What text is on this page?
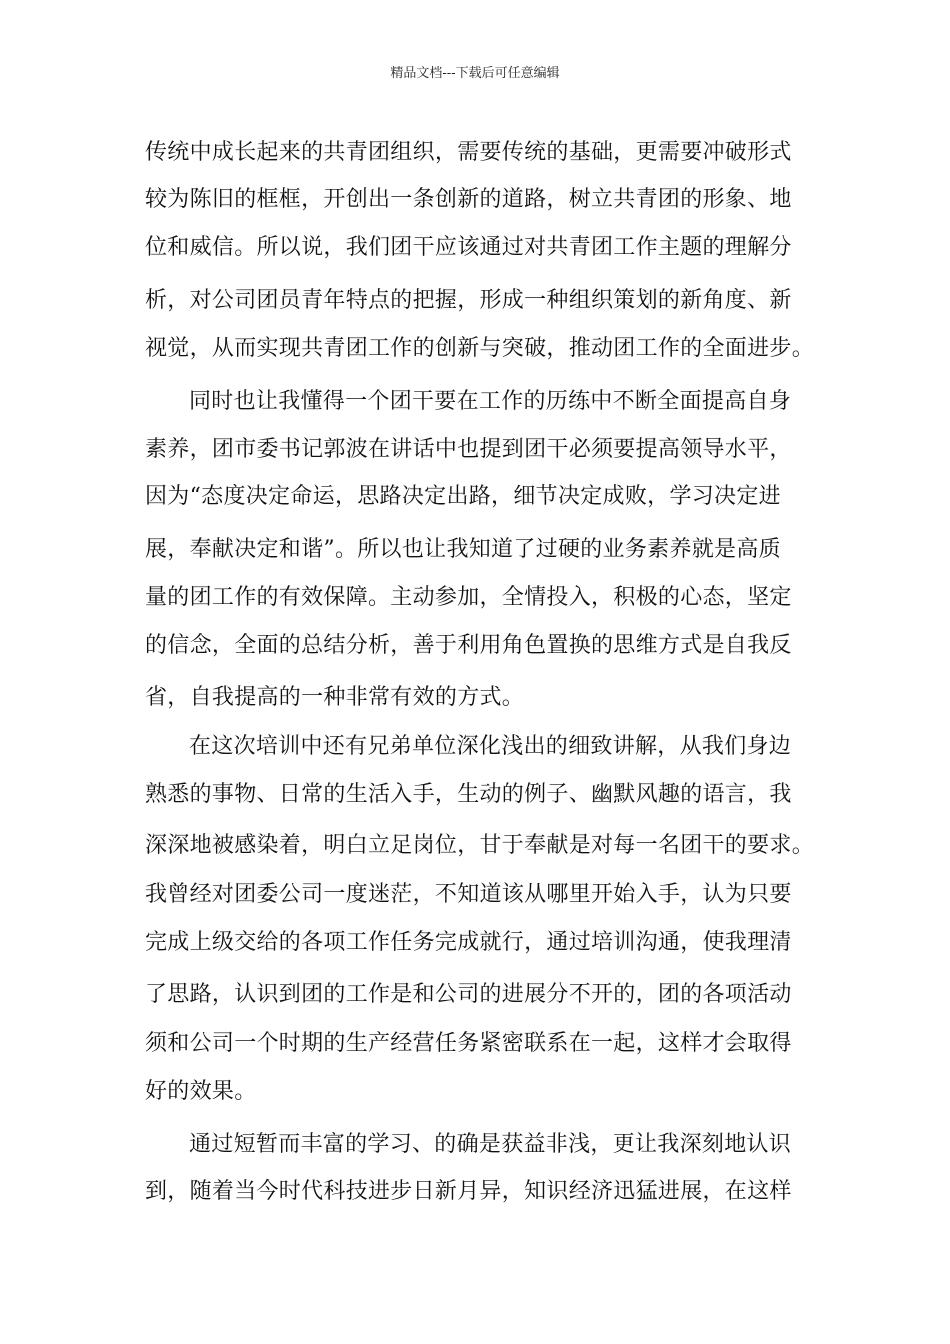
精品文档---下载后可任意编辑
传统中成长起来的共青团组织，需要传统的基础，更需要冲破形式
较为陈旧的框框，开创出一条创新的道路，树立共青团的形象、地
位和威信。所以说，我们团干应该通过对共青团工作主题的理解分
析，对公司团员青年特点的把握，形成一种组织策划的新角度、新
视觉，从而实现共青团工作的创新与突破，推动团工作的全面进步。
同时也让我懂得一个团干要在工作的历练中不断全面提高自身
素养，团市委书记郭波在讲话中也提到团干必须要提高领导水平，
因为“态度决定命运，思路决定出路，细节决定成败，学习决定进
展，奉献决定和谐”。所以也让我知道了过硬的业务素养就是高质
量的团工作的有效保障。主动参加，全情投入，积极的心态，坚定
的信念，全面的总结分析，善于利用角色置换的思维方式是自我反
省，自我提高的一种非常有效的方式。
在这次培训中还有兄弟单位深化浅出的细致讲解，从我们身边
熟悉的事物、日常的生活入手，生动的例子、幽默风趣的语言，我
深深地被感染着，明白立足岗位，甘于奉献是对每一名团干的要求。
我曾经对团委公司一度迷茫，不知道该从哪里开始入手，认为只要
完成上级交给的各项工作任务完成就行，通过培训沟通，使我理清
了思路，认识到团的工作是和公司的进展分不开的，团的各项活动
须和公司一个时期的生产经营任务紧密联系在一起，这样才会取得
好的效果。
通过短暂而丰富的学习、的确是获益非浅，更让我深刻地认识
到，随着当今时代科技进步日新月异，知识经济迅猛进展，在这样
